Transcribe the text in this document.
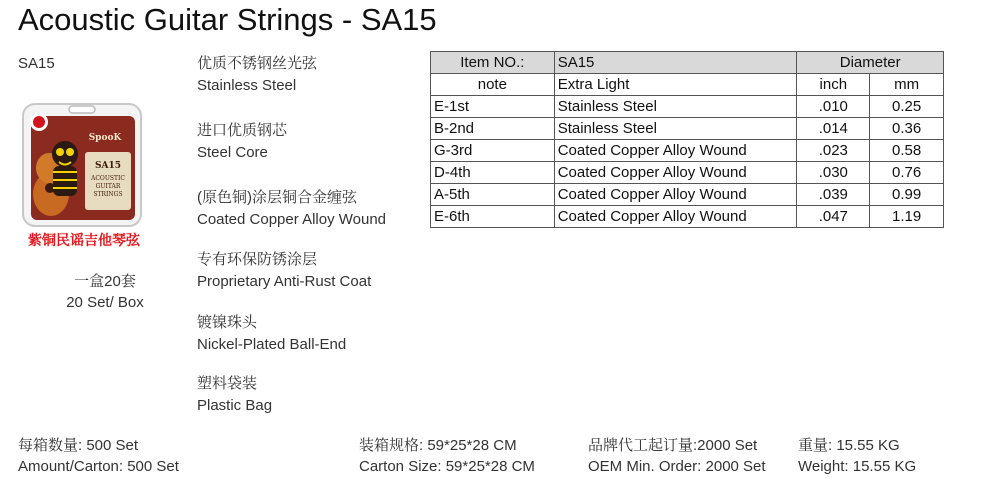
Acoustic Guitar Strings - SA15
SA15
SA15
ACOUSTIC
GUITAR
STRINGS
SpooK
紫铜民谣吉他琴弦
一盒20套
20 Set/ Box
优质不锈钢丝光弦
Stainless Steel
进口优质钢芯
Steel Core
(原色铜)涂层铜合金缠弦
Coated Copper Alloy Wound
专有环保防锈涂层
Proprietary Anti-Rust Coat
镀镍珠头
Nickel-Plated Ball-End
塑料袋装
Plastic Bag
Item NO.:	SA15	Diameter	
note	Extra Light	inch	mm
E-1st	Stainless Steel	.010	0.25
B-2nd	Stainless Steel	.014	0.36
G-3rd	Coated Copper Alloy Wound	.023	0.58
D-4th	Coated Copper Alloy Wound	.030	0.76
A-5th	Coated Copper Alloy Wound	.039	0.99
E-6th	Coated Copper Alloy Wound	.047	1.19
每箱数量: 500 Set
Amount/Carton: 500 Set
装箱规格: 59*25*28 CM
Carton Size: 59*25*28 CM
品牌代工起订量:2000 Set
OEM Min. Order: 2000 Set
重量: 15.55 KG
Weight: 15.55 KG
